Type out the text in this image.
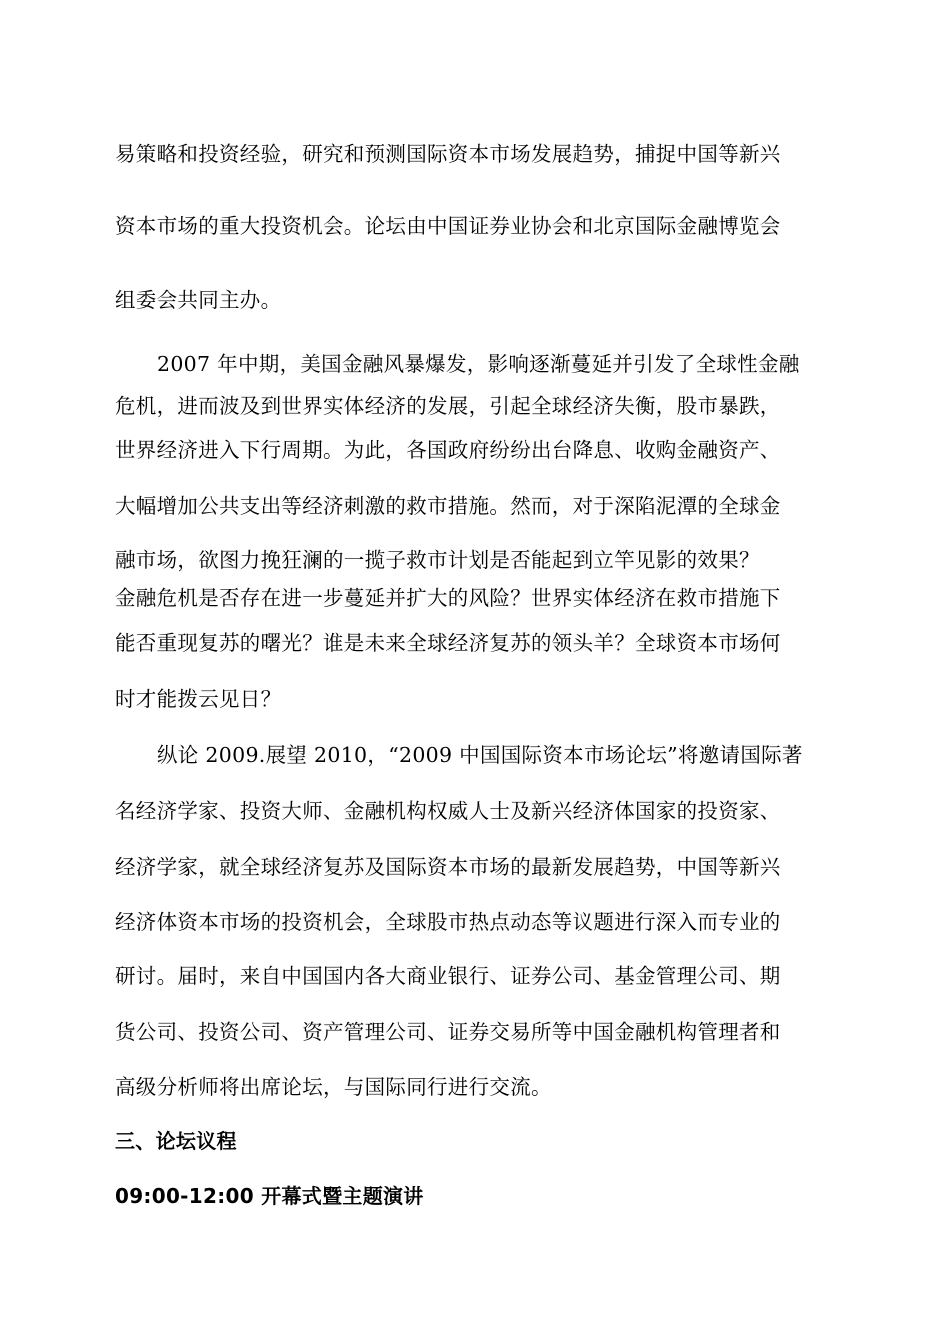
易策略和投资经验，研究和预测国际资本市场发展趋势，捕捉中国等新兴
资本市场的重大投资机会。论坛由中国证券业协会和北京国际金融博览会
组委会共同主办。
2007 年中期，美国金融风暴爆发，影响逐渐蔓延并引发了全球性金融
危机，进而波及到世界实体经济的发展，引起全球经济失衡，股市暴跌，
世界经济进入下行周期。为此，各国政府纷纷出台降息、收购金融资产、
大幅增加公共支出等经济刺激的救市措施。然而，对于深陷泥潭的全球金
融市场，欲图力挽狂澜的一揽子救市计划是否能起到立竿见影的效果？
金融危机是否存在进一步蔓延并扩大的风险？世界实体经济在救市措施下
能否重现复苏的曙光？谁是未来全球经济复苏的领头羊？全球资本市场何
时才能拨云见日？
纵论 2009.展望 2010，“2009 中国国际资本市场论坛”将邀请国际著
名经济学家、投资大师、金融机构权威人士及新兴经济体国家的投资家、
经济学家，就全球经济复苏及国际资本市场的最新发展趋势，中国等新兴
经济体资本市场的投资机会，全球股市热点动态等议题进行深入而专业的
研讨。届时，来自中国国内各大商业银行、证券公司、基金管理公司、期
货公司、投资公司、资产管理公司、证券交易所等中国金融机构管理者和
高级分析师将出席论坛，与国际同行进行交流。
三、论坛议程
09:00-12:00 开幕式暨主题演讲
